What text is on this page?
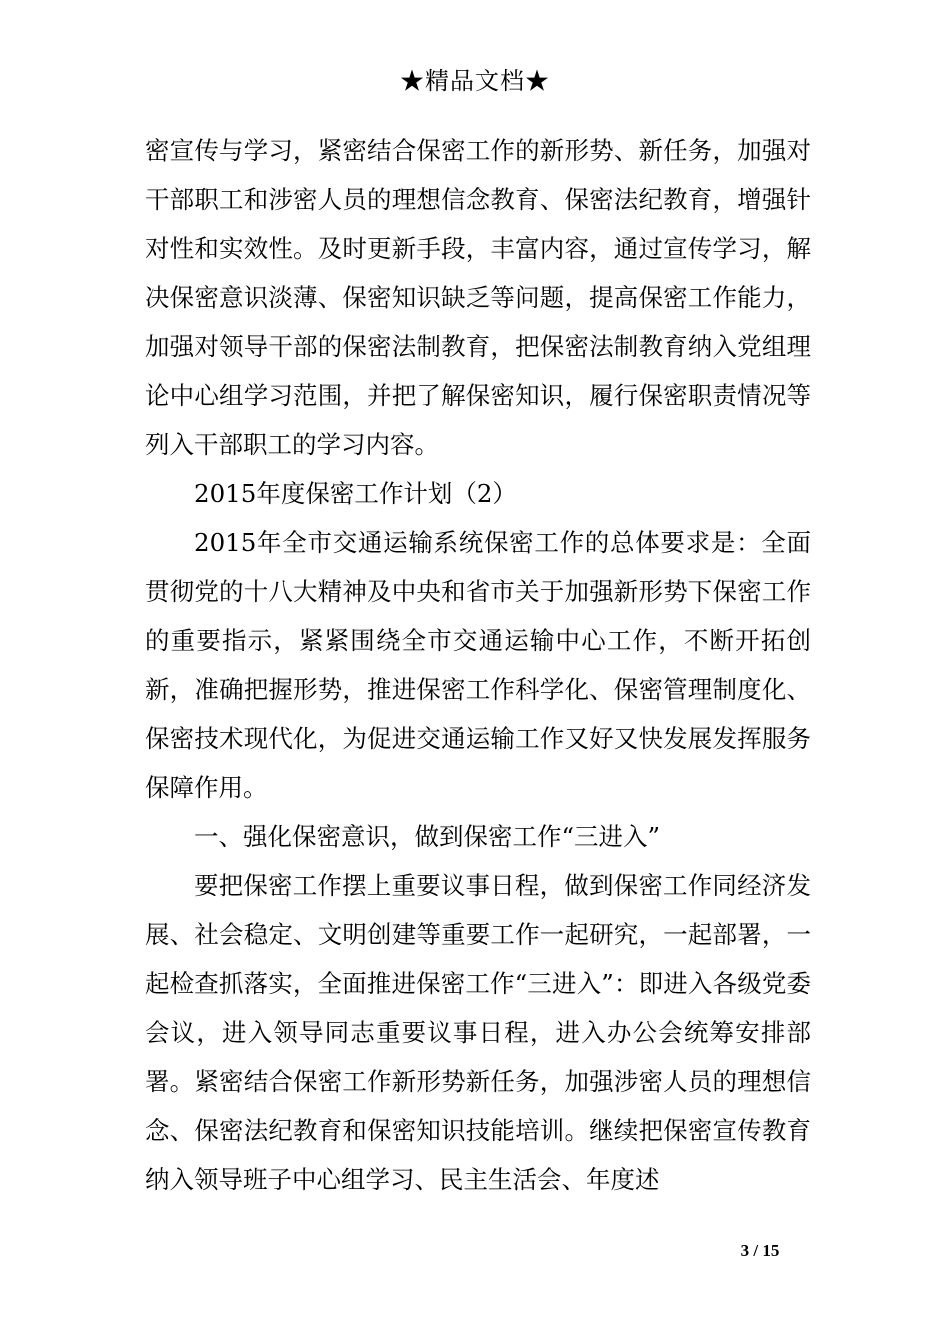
★精品文档★

密宣传与学习，紧密结合保密工作的新形势、新任务，加强对干部职工和涉密人员的理想信念教育、保密法纪教育，增强针对性和实效性。及时更新手段，丰富内容，通过宣传学习，解决保密意识淡薄、保密知识缺乏等问题，提高保密工作能力，加强对领导干部的保密法制教育，把保密法制教育纳入党组理论中心组学习范围，并把了解保密知识，履行保密职责情况等列入干部职工的学习内容。

2015年度保密工作计划（2）

2015年全市交通运输系统保密工作的总体要求是：全面贯彻党的十八大精神及中央和省市关于加强新形势下保密工作的重要指示，紧紧围绕全市交通运输中心工作，不断开拓创新，准确把握形势，推进保密工作科学化、保密管理制度化、保密技术现代化，为促进交通运输工作又好又快发展发挥服务保障作用。

一、强化保密意识，做到保密工作“三进入”

要把保密工作摆上重要议事日程，做到保密工作同经济发展、社会稳定、文明创建等重要工作一起研究，一起部署，一起检查抓落实，全面推进保密工作“三进入”：即进入各级党委会议，进入领导同志重要议事日程，进入办公会统筹安排部署。紧密结合保密工作新形势新任务，加强涉密人员的理想信念、保密法纪教育和保密知识技能培训。继续把保密宣传教育纳入领导班子中心组学习、民主生活会、年度述

3 / 15
